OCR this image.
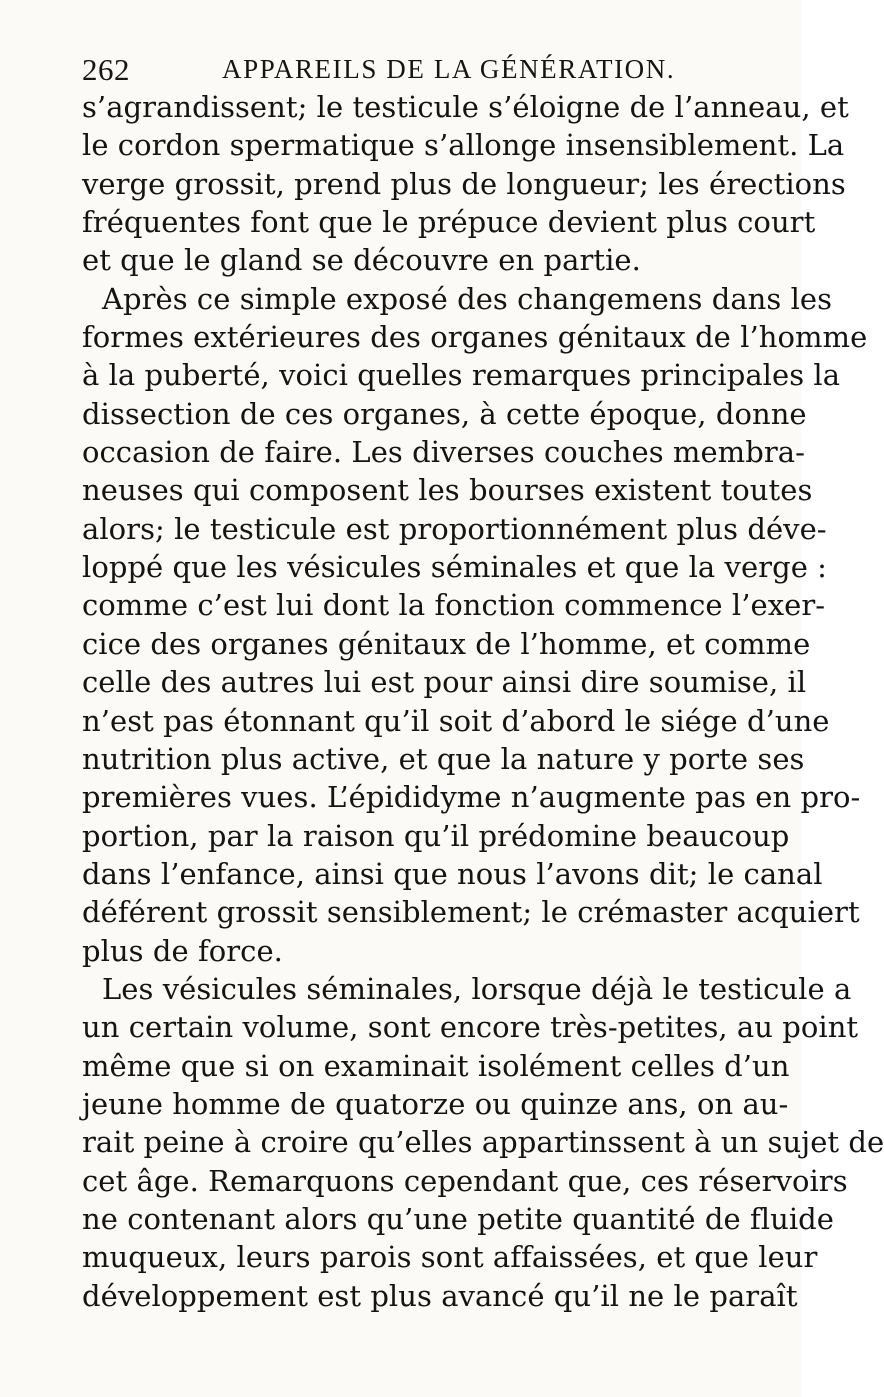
262	APPAREILS DE LA GÉNÉRATION.
s’agrandissent; le testicule s’éloigne de l’anneau, et
le cordon spermatique s’allonge insensiblement. La
verge grossit, prend plus de longueur; les érections
fréquentes font que le prépuce devient plus court
et que le gland se découvre en partie.
Après ce simple exposé des changemens dans les
formes extérieures des organes génitaux de l’homme
à la puberté, voici quelles remarques principales la
dissection de ces organes, à cette époque, donne
occasion de faire. Les diverses couches membra-
neuses qui composent les bourses existent toutes
alors; le testicule est proportionnément plus déve-
loppé que les vésicules séminales et que la verge :
comme c’est lui dont la fonction commence l’exer-
cice des organes génitaux de l’homme, et comme
celle des autres lui est pour ainsi dire soumise, il
n’est pas étonnant qu’il soit d’abord le siége d’une
nutrition plus active, et que la nature y porte ses
premières vues. L’épididyme n’augmente pas en pro-
portion, par la raison qu’il prédomine beaucoup
dans l’enfance, ainsi que nous l’avons dit; le canal
déférent grossit sensiblement; le crémaster acquiert
plus de force.
Les vésicules séminales, lorsque déjà le testicule a
un certain volume, sont encore très-petites, au point
même que si on examinait isolément celles d’un
jeune homme de quatorze ou quinze ans, on au-
rait peine à croire qu’elles appartinssent à un sujet de
cet âge. Remarquons cependant que, ces réservoirs
ne contenant alors qu’une petite quantité de fluide
muqueux, leurs parois sont affaissées, et que leur
développement est plus avancé qu’il ne le paraît
